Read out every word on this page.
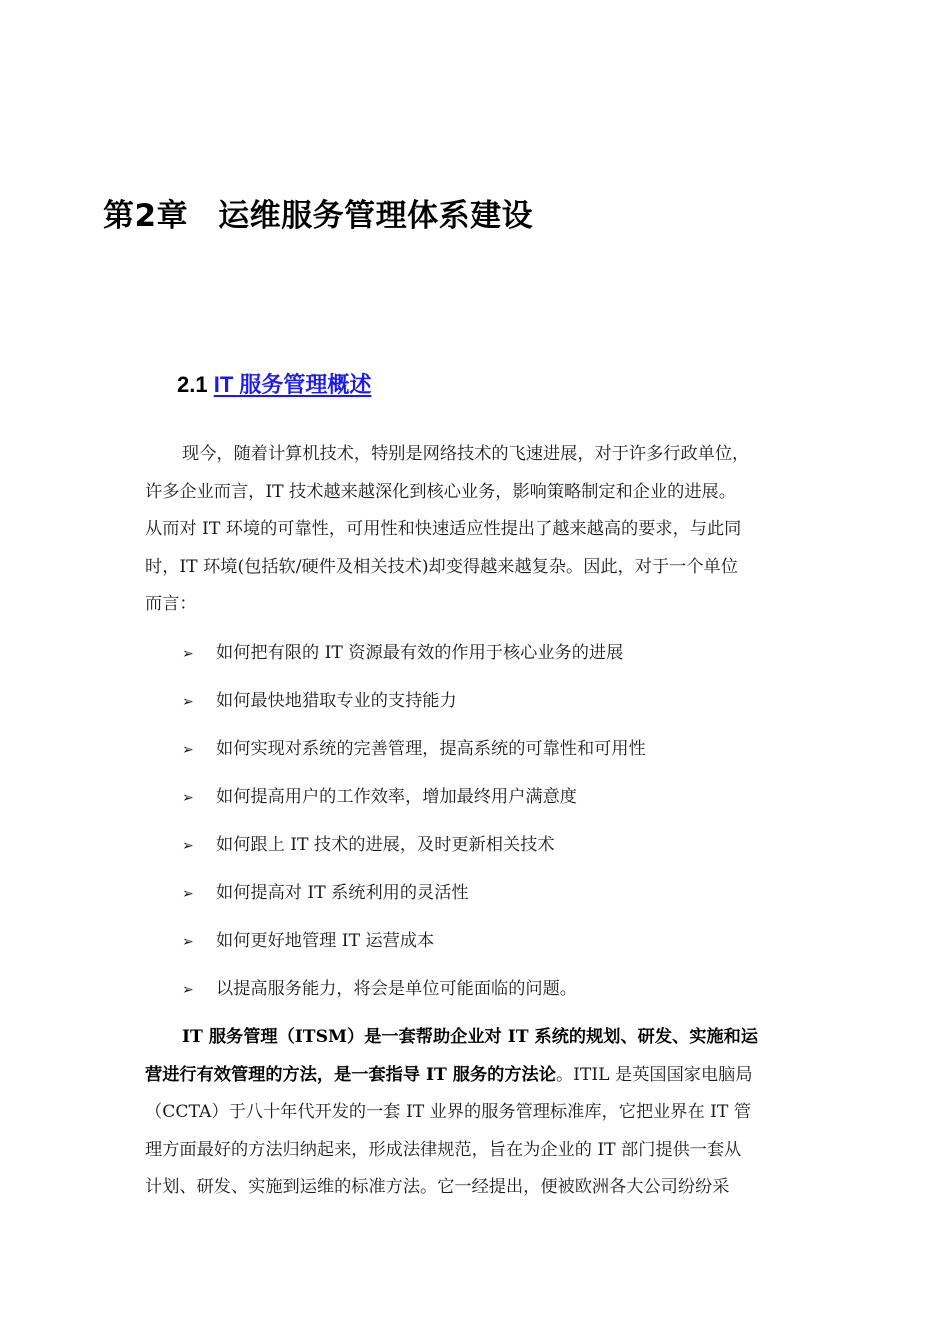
第2章 运维服务管理体系建设
2.1 IT 服务管理概述

现今，随着计算机技术，特别是网络技术的飞速进展，对于许多行政单位，
许多企业而言，IT 技术越来越深化到核心业务，影响策略制定和企业的进展。
从而对 IT 环境的可靠性，可用性和快速适应性提出了越来越高的要求，与此同
时，IT 环境(包括软/硬件及相关技术)却变得越来越复杂。因此，对于一个单位
而言：

➢ 如何把有限的 IT 资源最有效的作用于核心业务的进展
➢ 如何最快地猎取专业的支持能力
➢ 如何实现对系统的完善管理，提高系统的可靠性和可用性
➢ 如何提高用户的工作效率，增加最终用户满意度
➢ 如何跟上 IT 技术的进展，及时更新相关技术
➢ 如何提高对 IT 系统利用的灵活性
➢ 如何更好地管理 IT 运营成本
➢ 以提高服务能力，将会是单位可能面临的问题。

IT 服务管理（ITSM）是一套帮助企业对 IT 系统的规划、研发、实施和运
营进行有效管理的方法，是一套指导 IT 服务的方法论。ITIL 是英国国家电脑局
（CCTA）于八十年代开发的一套 IT 业界的服务管理标准库，它把业界在 IT 管
理方面最好的方法归纳起来，形成法律规范，旨在为企业的 IT 部门提供一套从
计划、研发、实施到运维的标准方法。它一经提出，便被欧洲各大公司纷纷采
